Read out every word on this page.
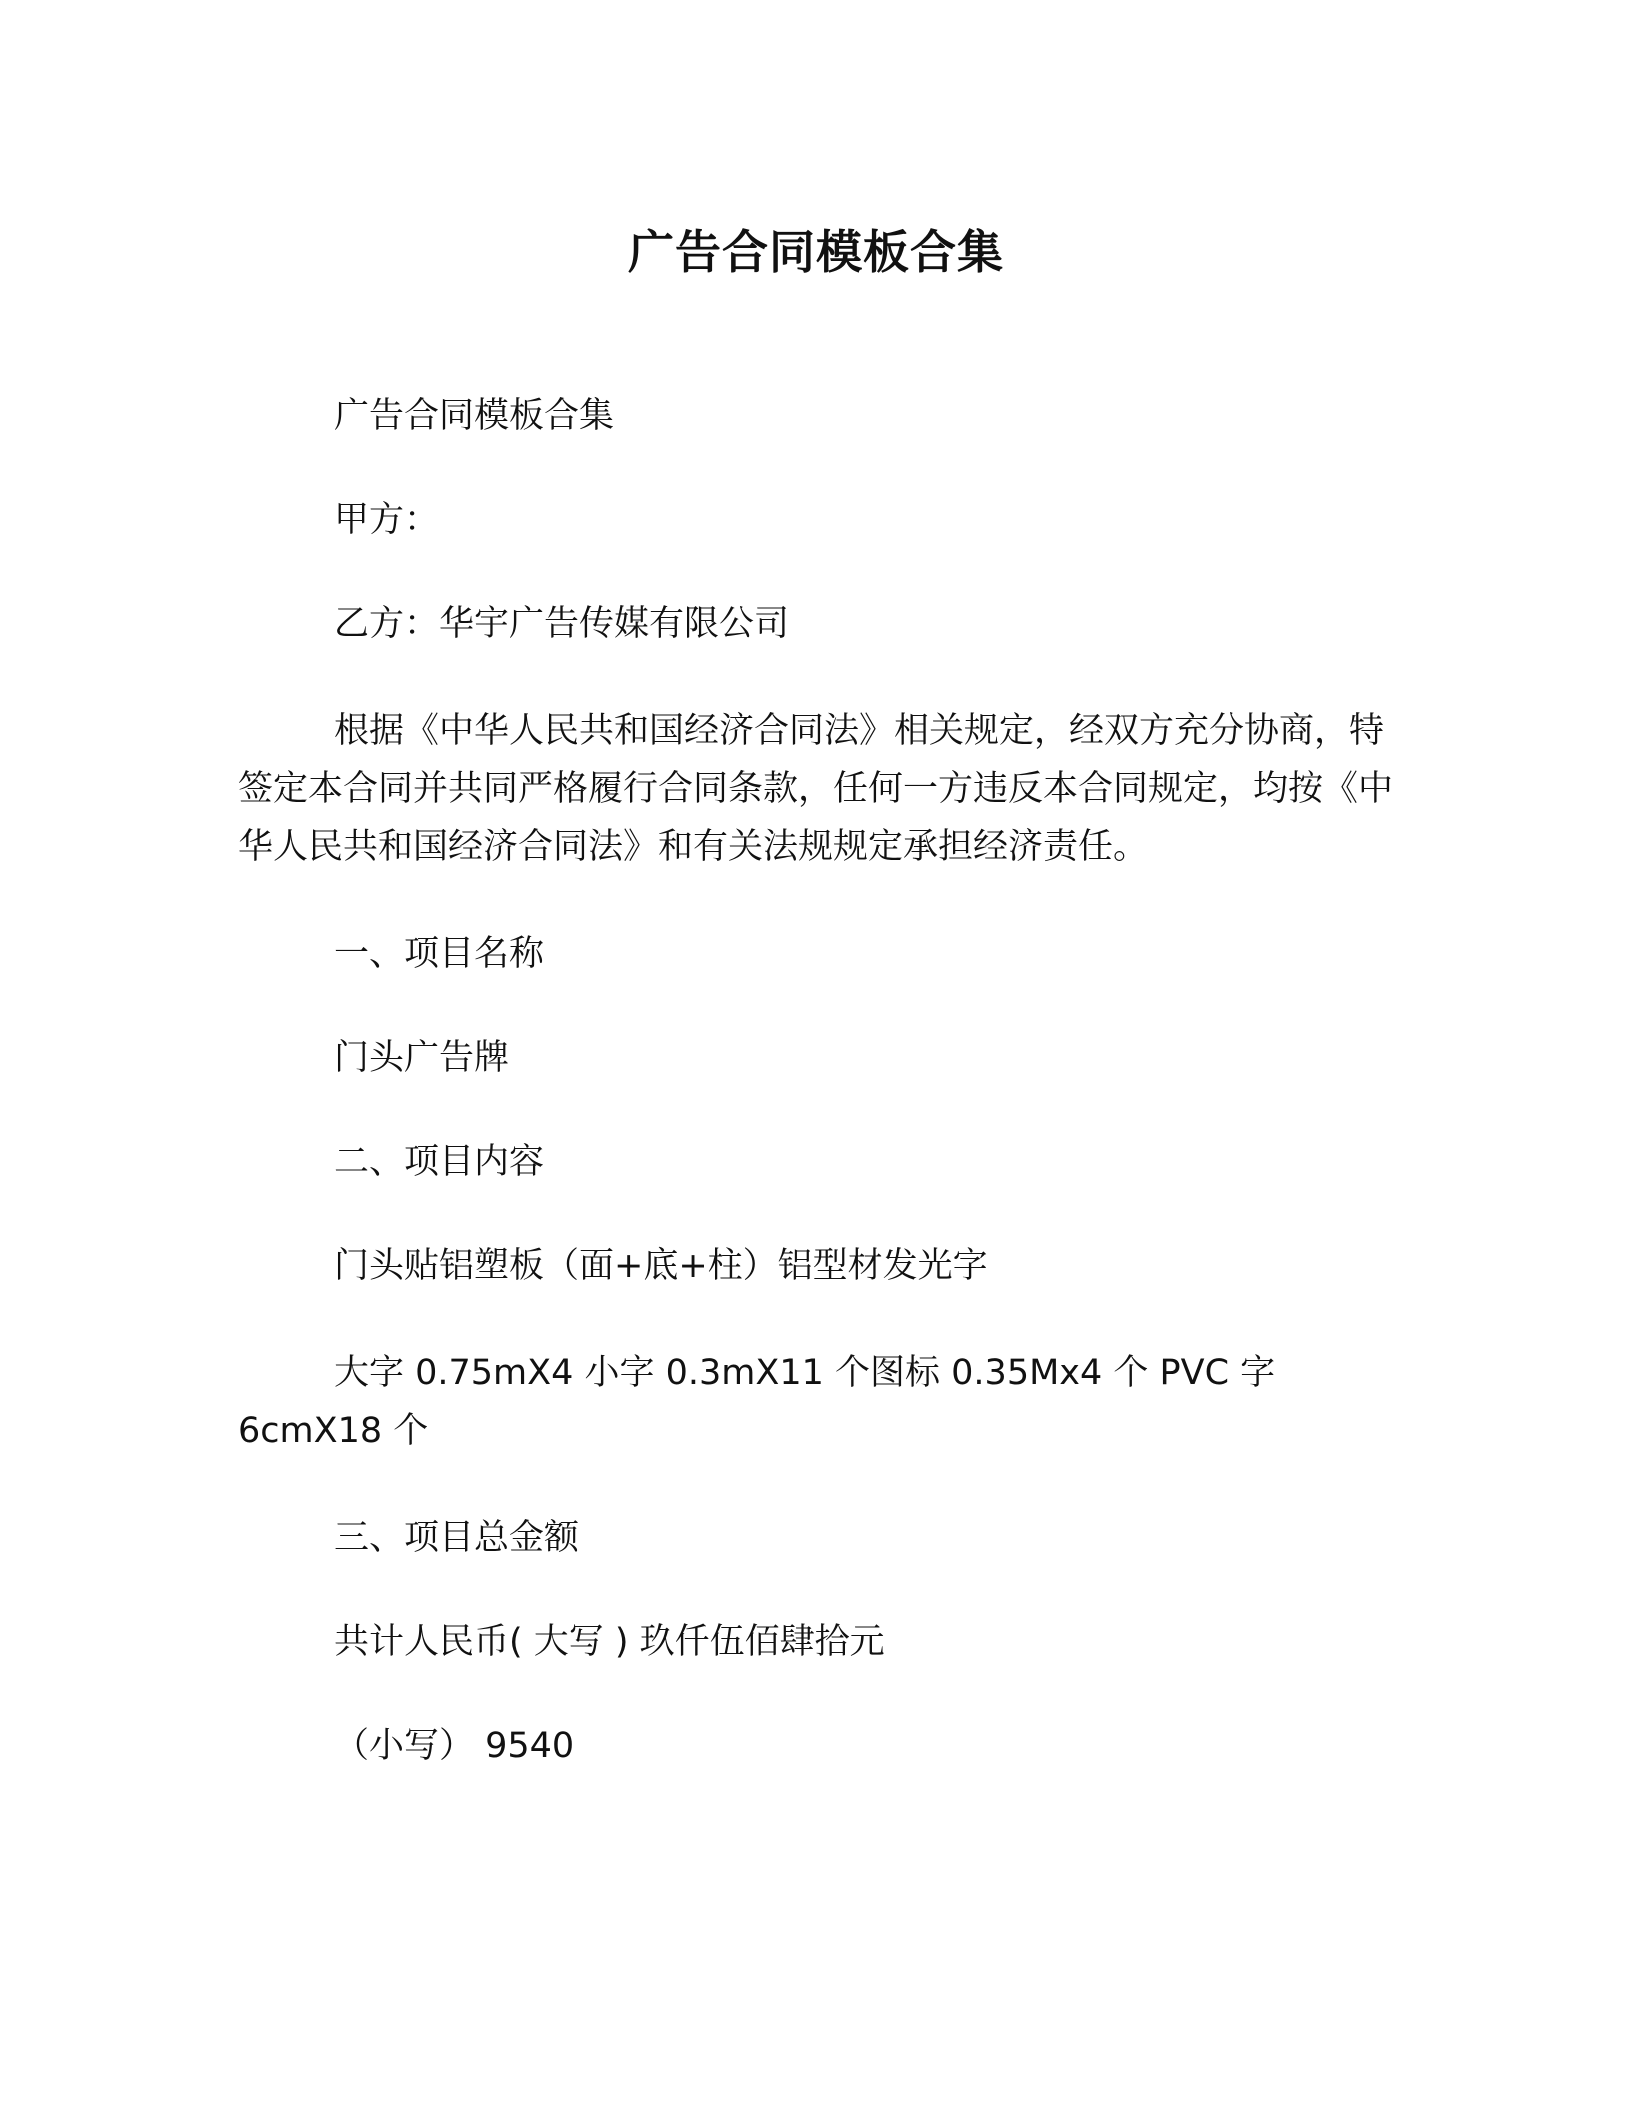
广告合同模板合集

广告合同模板合集

甲方：

乙方：华宇广告传媒有限公司

根据《中华人民共和国经济合同法》相关规定，经双方充分协商，特签定本合同并共同严格履行合同条款，任何一方违反本合同规定，均按《中华人民共和国经济合同法》和有关法规规定承担经济责任。

一、项目名称

门头广告牌

二、项目内容

门头贴铝塑板（面+底+柱）铝型材发光字

大字 0.75mX4 小字 0.3mX11 个图标 0.35Mx4 个 PVC 字 6cmX18 个

三、项目总金额

共计人民币( 大写 ) 玖仟伍佰肆拾元

（小写） 9540
